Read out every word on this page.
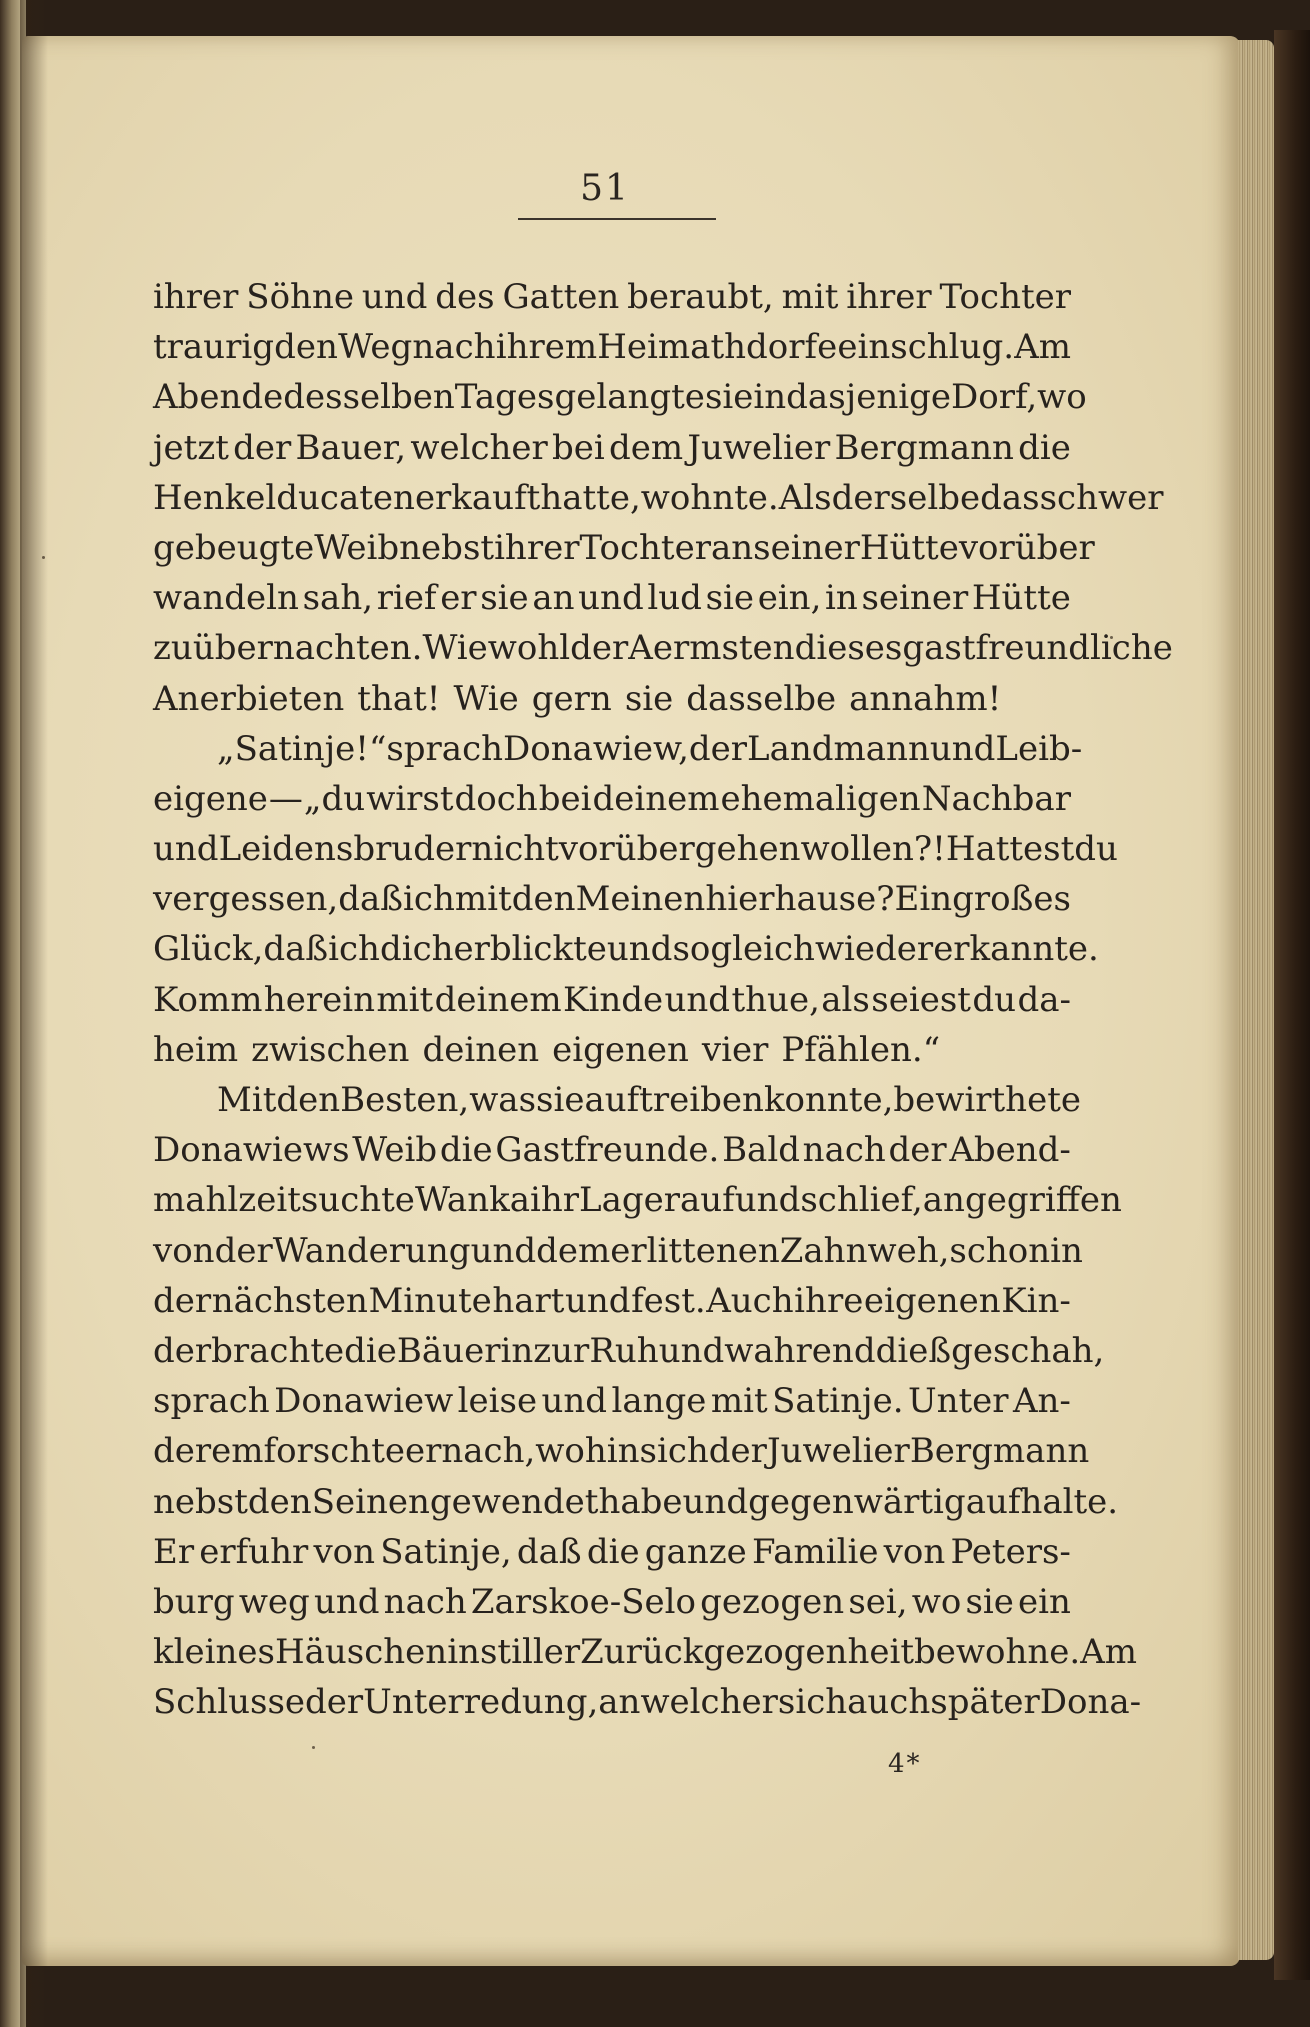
51
ihrer Söhne und des Gatten beraubt, mit ihrer Tochter
traurig den Weg nach ihrem Heimathdorfe einschlug. Am
Abende desselben Tages gelangte sie in dasjenige Dorf, wo
jetzt der Bauer, welcher bei dem Juwelier Bergmann die
Henkelducaten erkauft hatte, wohnte. Als derselbe das schwer
gebeugte Weib nebst ihrer Tochter an seiner Hütte vorüber
wandeln sah, rief er sie an und lud sie ein, in seiner Hütte
zu übernachten. Wie wohl der Aermsten dieses gastfreundliche
Anerbieten that! Wie gern sie dasselbe annahm!
„Satinje!“ sprach Donawiew, der Landmann und Leib-
eigene — „du wirst doch bei deinem ehemaligen Nachbar
und Leidensbruder nicht vorübergehen wollen?! Hattest du
vergessen, daß ich mit den Meinen hier hause? Ein großes
Glück, daß ich dich erblickte und sogleich wieder erkannte.
Komm herein mit deinem Kinde und thue, als seiest du da-
heim zwischen deinen eigenen vier Pfählen.“
Mit den Besten, was sie auftreiben konnte, bewirthete
Donawiews Weib die Gastfreunde. Bald nach der Abend-
mahlzeit suchte Wanka ihr Lager auf und schlief, angegriffen
von der Wanderung und dem erlittenen Zahnweh, schon in
der nächsten Minute hart und fest. Auch ihre eigenen Kin-
der brachte die Bäuerin zur Ruh und wahrend dieß geschah,
sprach Donawiew leise und lange mit Satinje. Unter An-
derem forschte er nach, wohin sich der Juwelier Bergmann
nebst den Seinen gewendet habe und gegenwärtig aufhalte.
Er erfuhr von Satinje, daß die ganze Familie von Peters-
burg weg und nach Zarskoe-Selo gezogen sei, wo sie ein
kleines Häuschen in stiller Zurückgezogenheit bewohne. Am
Schlusse der Unterredung, an welcher sich auch später Dona-
4*
